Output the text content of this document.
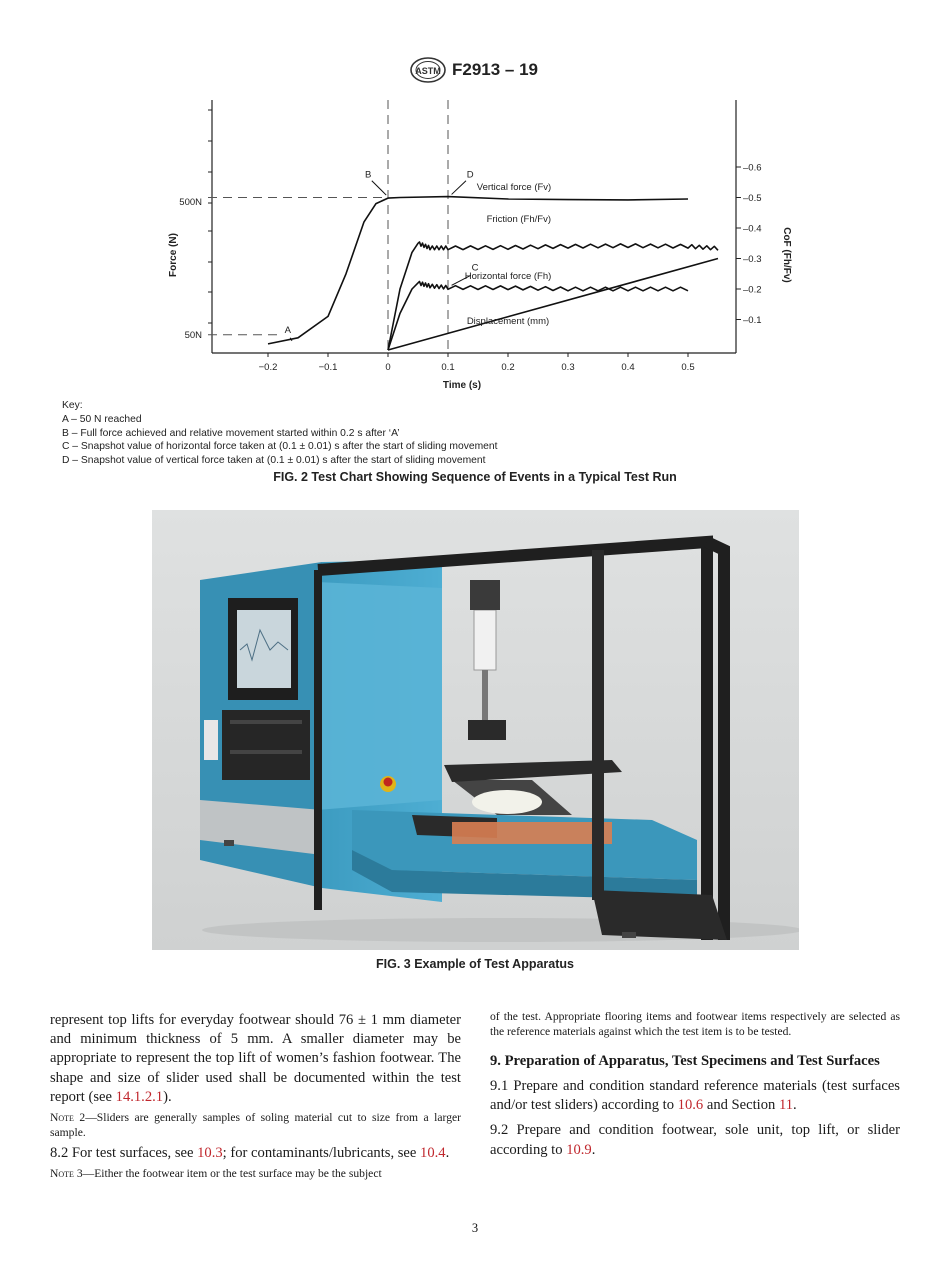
ASTM F2913 – 19
−0.2	−0.1	0	0.1	0.2	0.3	0.4	0.5
–0.1
–0.2
–0.3
–0.4
–0.5
–0.6
Vertical force (Fv)
Friction (Fh/Fv)
Horizontal force (Fh)
Displacement (mm)
A
B
C
D
Force (N)	CoF (Fh/Fv)
Time (s)
500N
50N
Key:
A – 50 N reached
B – Full force achieved and relative movement started within 0.2 s after ‘A’
C – Snapshot value of horizontal force taken at (0.1 ± 0.01) s after the start of sliding movement
D – Snapshot value of vertical force taken at (0.1 ± 0.01) s after the start of sliding movement
FIG. 2 Test Chart Showing Sequence of Events in a Typical Test Run
FIG. 3 Example of Test Apparatus

represent top lifts for everyday footwear should 76 ± 1 mm diameter and minimum thickness of 5 mm. A smaller diameter may be appropriate to represent the top lift of women’s fashion footwear. The shape and size of slider used shall be documented within the test report (see 14.1.2.1).

Note 2—Sliders are generally samples of soling material cut to size from a larger sample.

8.2 For test surfaces, see 10.3; for contaminants/lubricants, see 10.4.

Note 3—Either the footwear item or the test surface may be the subject

of the test. Appropriate flooring items and footwear items respectively are selected as the reference materials against which the test item is to be tested.

9. Preparation of Apparatus, Test Specimens and Test Surfaces

9.1 Prepare and condition standard reference materials (test surfaces and/or test sliders) according to 10.6 and Section 11.

9.2 Prepare and condition footwear, sole unit, top lift, or slider according to 10.9.

3
